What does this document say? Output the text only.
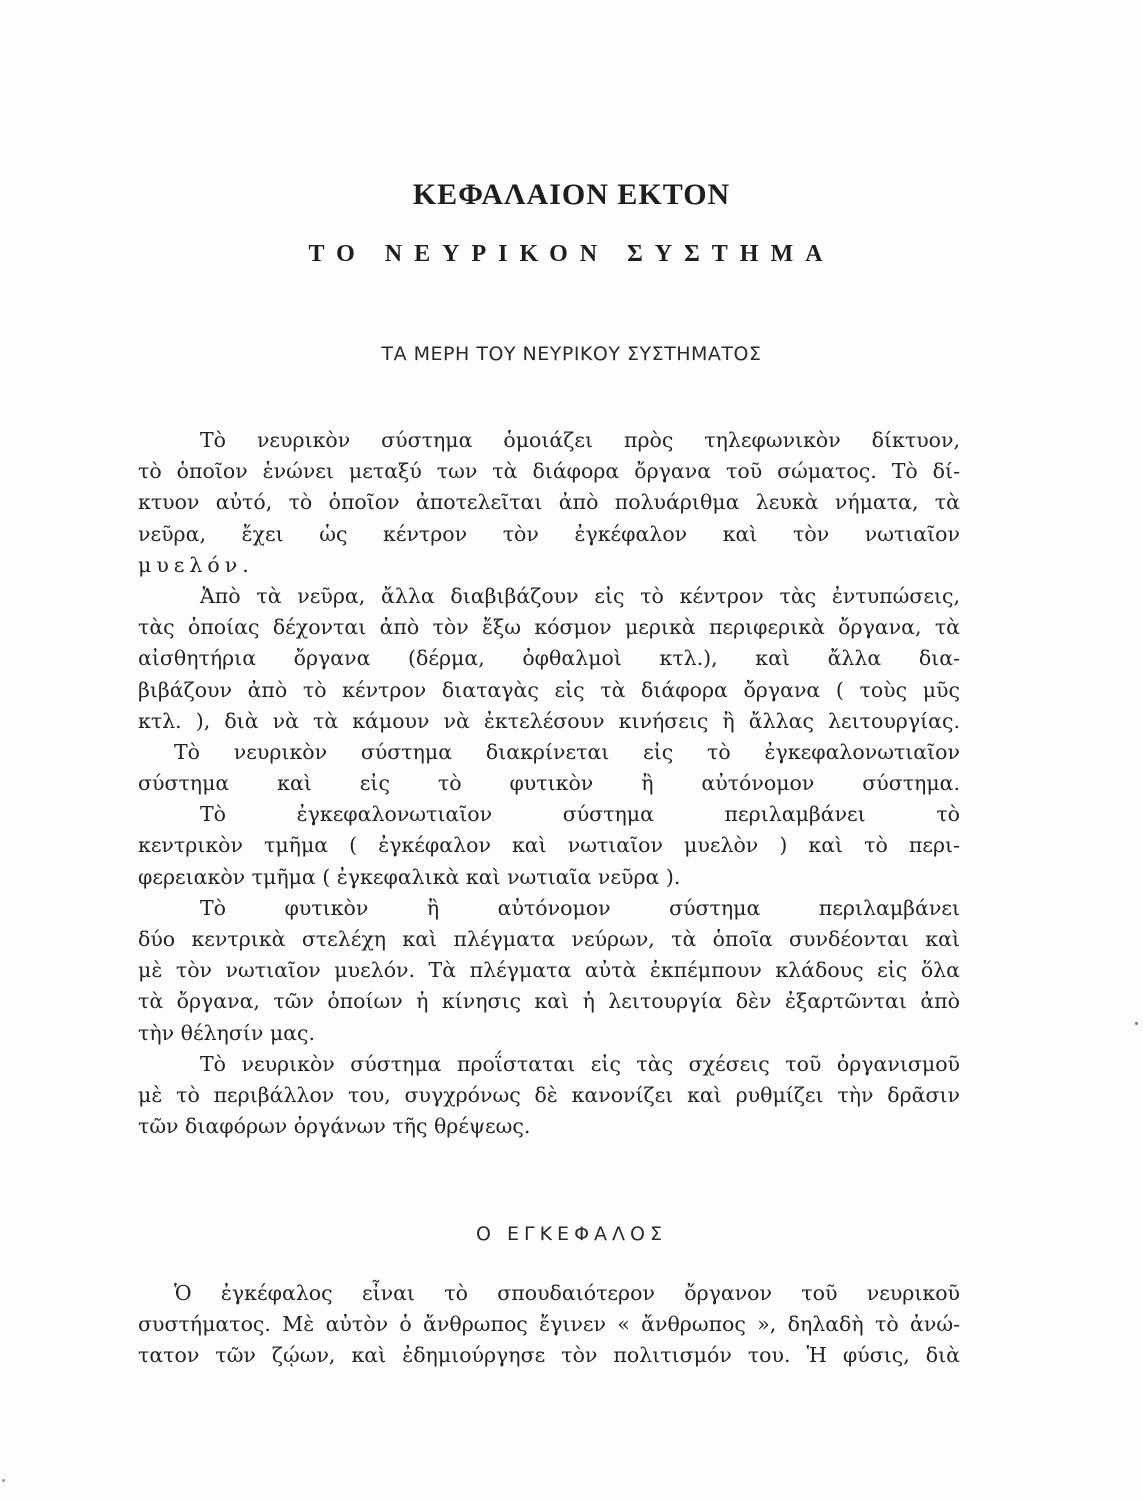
ΚΕΦΑΛΑΙΟΝ ΕΚΤΟΝ
ΤΟ ΝΕΥΡΙΚΟΝ ΣΥΣΤΗΜΑ
ΤΑ ΜΕΡΗ ΤΟΥ ΝΕΥΡΙΚΟΥ ΣΥΣΤΗΜΑΤΟΣ
Τὸ νευρικὸν σύστημα ὁμοιάζει πρὸς τηλεφωνικὸν δίκτυον,
τὸ ὁποῖον ἑνώνει μεταξύ των τὰ διάφορα ὄργανα τοῦ σώματος. Τὸ δί-
κτυον αὐτό, τὸ ὁποῖον ἀποτελεῖται ἀπὸ πολυάριθμα λευκὰ νήματα, τὰ
νεῦρα, ἔχει ὡς κέντρον τὸν ἐγκέφαλον καὶ τὸν νωτιαῖον
μυελόν.
Ἀπὸ τὰ νεῦρα, ἄλλα διαβιβάζουν εἰς τὸ κέντρον τὰς ἐντυπώσεις,
τὰς ὁποίας δέχονται ἀπὸ τὸν ἔξω κόσμον μερικὰ περιφερικὰ ὄργανα, τὰ
αἰσθητήρια ὄργανα (δέρμα, ὀφθαλμοὶ κτλ.), καὶ ἄλλα δια-
βιβάζουν ἀπὸ τὸ κέντρον διαταγὰς εἰς τὰ διάφορα ὄργανα ( τοὺς μῦς
κτλ. ), διὰ νὰ τὰ κάμουν νὰ ἐκτελέσουν κινήσεις ἢ ἄλλας λειτουργίας.
Τὸ νευρικὸν σύστημα διακρίνεται εἰς τὸ ἐγκεφαλονωτιαῖον
σύστημα καὶ εἰς τὸ φυτικὸν ἢ αὐτόνομον σύστημα.
Τὸ ἐγκεφαλονωτιαῖον σύστημα περιλαμβάνει τὸ
κεντρικὸν τμῆμα ( ἐγκέφαλον καὶ νωτιαῖον μυελὸν ) καὶ τὸ περι-
φερειακὸν τμῆμα ( ἐγκεφαλικὰ καὶ νωτιαῖα νεῦρα ).
Τὸ φυτικὸν ἢ αὐτόνομον σύστημα περιλαμβάνει
δύο κεντρικὰ στελέχη καὶ πλέγματα νεύρων, τὰ ὁποῖα συνδέονται καὶ
μὲ τὸν νωτιαῖον μυελόν. Τὰ πλέγματα αὐτὰ ἐκπέμπουν κλάδους εἰς ὅλα
τὰ ὄργανα, τῶν ὁποίων ἡ κίνησις καὶ ἡ λειτουργία δὲν ἐξαρτῶνται ἀπὸ
τὴν θέλησίν μας.
Τὸ νευρικὸν σύστημα προΐσταται εἰς τὰς σχέσεις τοῦ ὀργανισμοῦ
μὲ τὸ περιβάλλον του, συγχρόνως δὲ κανονίζει καὶ ρυθμίζει τὴν δρᾶσιν
τῶν διαφόρων ὀργάνων τῆς θρέψεως.
Ο ΕΓΚΕΦΑΛΟΣ
Ὁ ἐγκέφαλος εἶναι τὸ σπουδαιότερον ὄργανον τοῦ νευρικοῦ
συστήματος. Μὲ αὐτὸν ὁ ἄνθρωπος ἔγινεν « ἄνθρωπος », δηλαδὴ τὸ ἀνώ-
τατον τῶν ζῴων, καὶ ἐδημιούργησε τὸν πολιτισμόν του. Ἡ φύσις, διὰ
